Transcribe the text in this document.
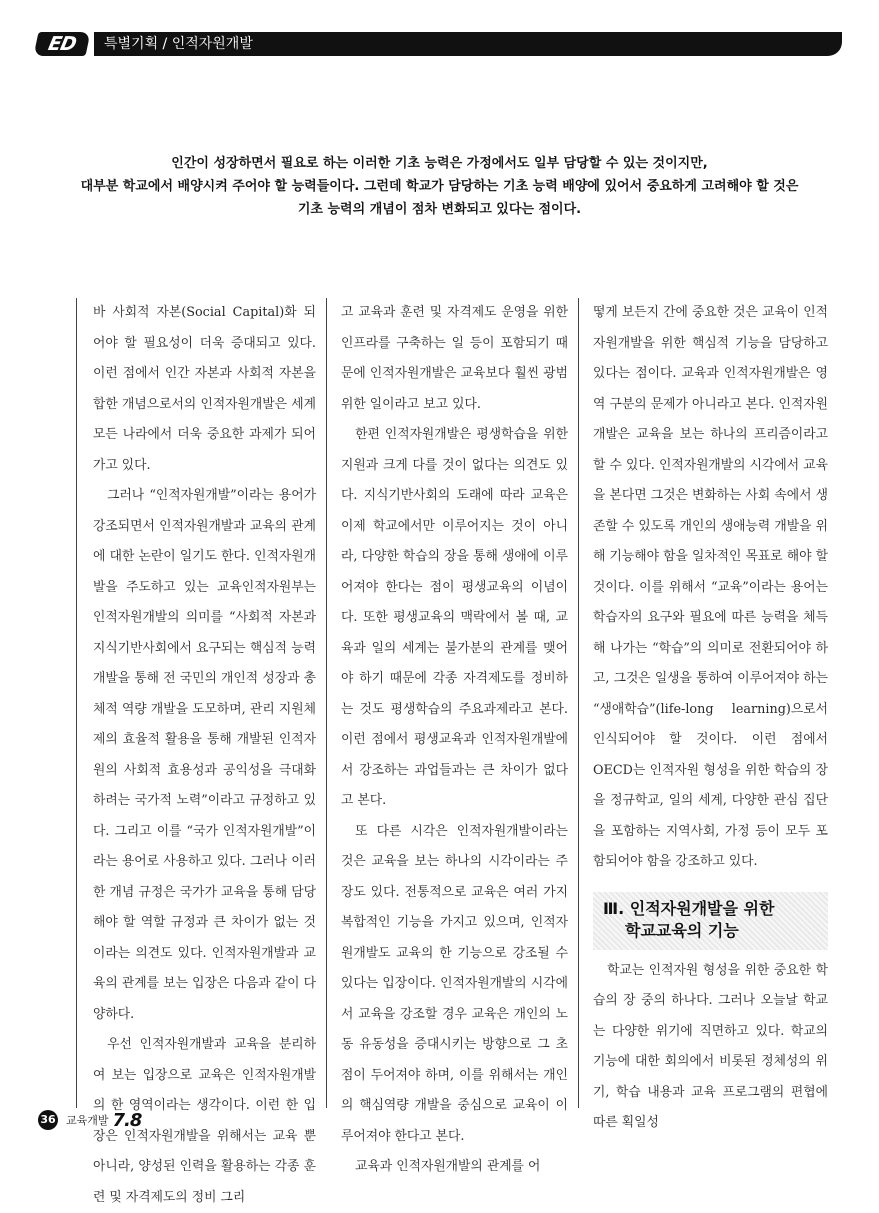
ED	특별기획 / 인적자원개발
인간이 성장하면서 필요로 하는 이러한 기초 능력은 가정에서도 일부 담당할 수 있는 것이지만,
대부분 학교에서 배양시켜 주어야 할 능력들이다. 그런데 학교가 담당하는 기초 능력 배양에 있어서 중요하게 고려해야 할 것은
기초 능력의 개념이 점차 변화되고 있다는 점이다.

바 사회적 자본(Social Capital)화 되어야 할 필요성이 더욱 증대되고 있다. 이런 점에서 인간 자본과 사회적 자본을 합한 개념으로서의 인적자원개발은 세계 모든 나라에서 더욱 중요한 과제가 되어가고 있다.

그러나 “인적자원개발”이라는 용어가 강조되면서 인적자원개발과 교육의 관계에 대한 논란이 일기도 한다. 인적자원개발을 주도하고 있는 교육인적자원부는 인적자원개발의 의미를 “사회적 자본과 지식기반사회에서 요구되는 핵심적 능력개발을 통해 전 국민의 개인적 성장과 총체적 역량 개발을 도모하며, 관리 지원체제의 효율적 활용을 통해 개발된 인적자원의 사회적 효용성과 공익성을 극대화하려는 국가적 노력”이라고 규정하고 있다. 그리고 이를 “국가 인적자원개발”이라는 용어로 사용하고 있다. 그러나 이러한 개념 규정은 국가가 교육을 통해 담당해야 할 역할 규정과 큰 차이가 없는 것이라는 의견도 있다. 인적자원개발과 교육의 관계를 보는 입장은 다음과 같이 다양하다.

우선 인적자원개발과 교육을 분리하여 보는 입장으로 교육은 인적자원개발의 한 영역이라는 생각이다. 이런 한 입장은 인적자원개발을 위해서는 교육 뿐 아니라, 양성된 인력을 활용하는 각종 훈련 및 자격제도의 정비 그리

고 교육과 훈련 및 자격제도 운영을 위한 인프라를 구축하는 일 등이 포함되기 때문에 인적자원개발은 교육보다 훨씬 광범위한 일이라고 보고 있다.

한편 인적자원개발은 평생학습을 위한 지원과 크게 다를 것이 없다는 의견도 있다. 지식기반사회의 도래에 따라 교육은 이제 학교에서만 이루어지는 것이 아니라, 다양한 학습의 장을 통해 생애에 이루어져야 한다는 점이 평생교육의 이념이다. 또한 평생교육의 맥락에서 볼 때, 교육과 일의 세계는 불가분의 관계를 맺어야 하기 때문에 각종 자격제도를 정비하는 것도 평생학습의 주요과제라고 본다. 이런 점에서 평생교육과 인적자원개발에서 강조하는 과업들과는 큰 차이가 없다고 본다.

또 다른 시각은 인적자원개발이라는 것은 교육을 보는 하나의 시각이라는 주장도 있다. 전통적으로 교육은 여러 가지 복합적인 기능을 가지고 있으며, 인적자원개발도 교육의 한 기능으로 강조될 수 있다는 입장이다. 인적자원개발의 시각에서 교육을 강조할 경우 교육은 개인의 노동 유동성을 증대시키는 방향으로 그 초점이 두어져야 하며, 이를 위해서는 개인의 핵심역량 개발을 중심으로 교육이 이루어져야 한다고 본다.

교육과 인적자원개발의 관계를 어

떻게 보든지 간에 중요한 것은 교육이 인적자원개발을 위한 핵심적 기능을 담당하고 있다는 점이다. 교육과 인적자원개발은 영역 구분의 문제가 아니라고 본다. 인적자원개발은 교육을 보는 하나의 프리즘이라고 할 수 있다. 인적자원개발의 시각에서 교육을 본다면 그것은 변화하는 사회 속에서 생존할 수 있도록 개인의 생애능력 개발을 위해 기능해야 함을 일차적인 목표로 해야 할 것이다. 이를 위해서 “교육”이라는 용어는 학습자의 요구와 필요에 따른 능력을 체득해 나가는 “학습”의 의미로 전환되어야 하고, 그것은 일생을 통하여 이루어져야 하는 “생애학습”(life-long learning)으로서 인식되어야 할 것이다. 이런 점에서 OECD는 인적자원 형성을 위한 학습의 장을 정규학교, 일의 세계, 다양한 관심 집단을 포함하는 지역사회, 가정 등이 모두 포함되어야 함을 강조하고 있다.

Ⅲ. 인적자원개발을 위한
학교교육의 기능

학교는 인적자원 형성을 위한 중요한 학습의 장 중의 하나다. 그러나 오늘날 학교는 다양한 위기에 직면하고 있다. 학교의 기능에 대한 회의에서 비롯된 정체성의 위기, 학습 내용과 교육 프로그램의 편협에 따른 획일성

36 교육개발 7.8
